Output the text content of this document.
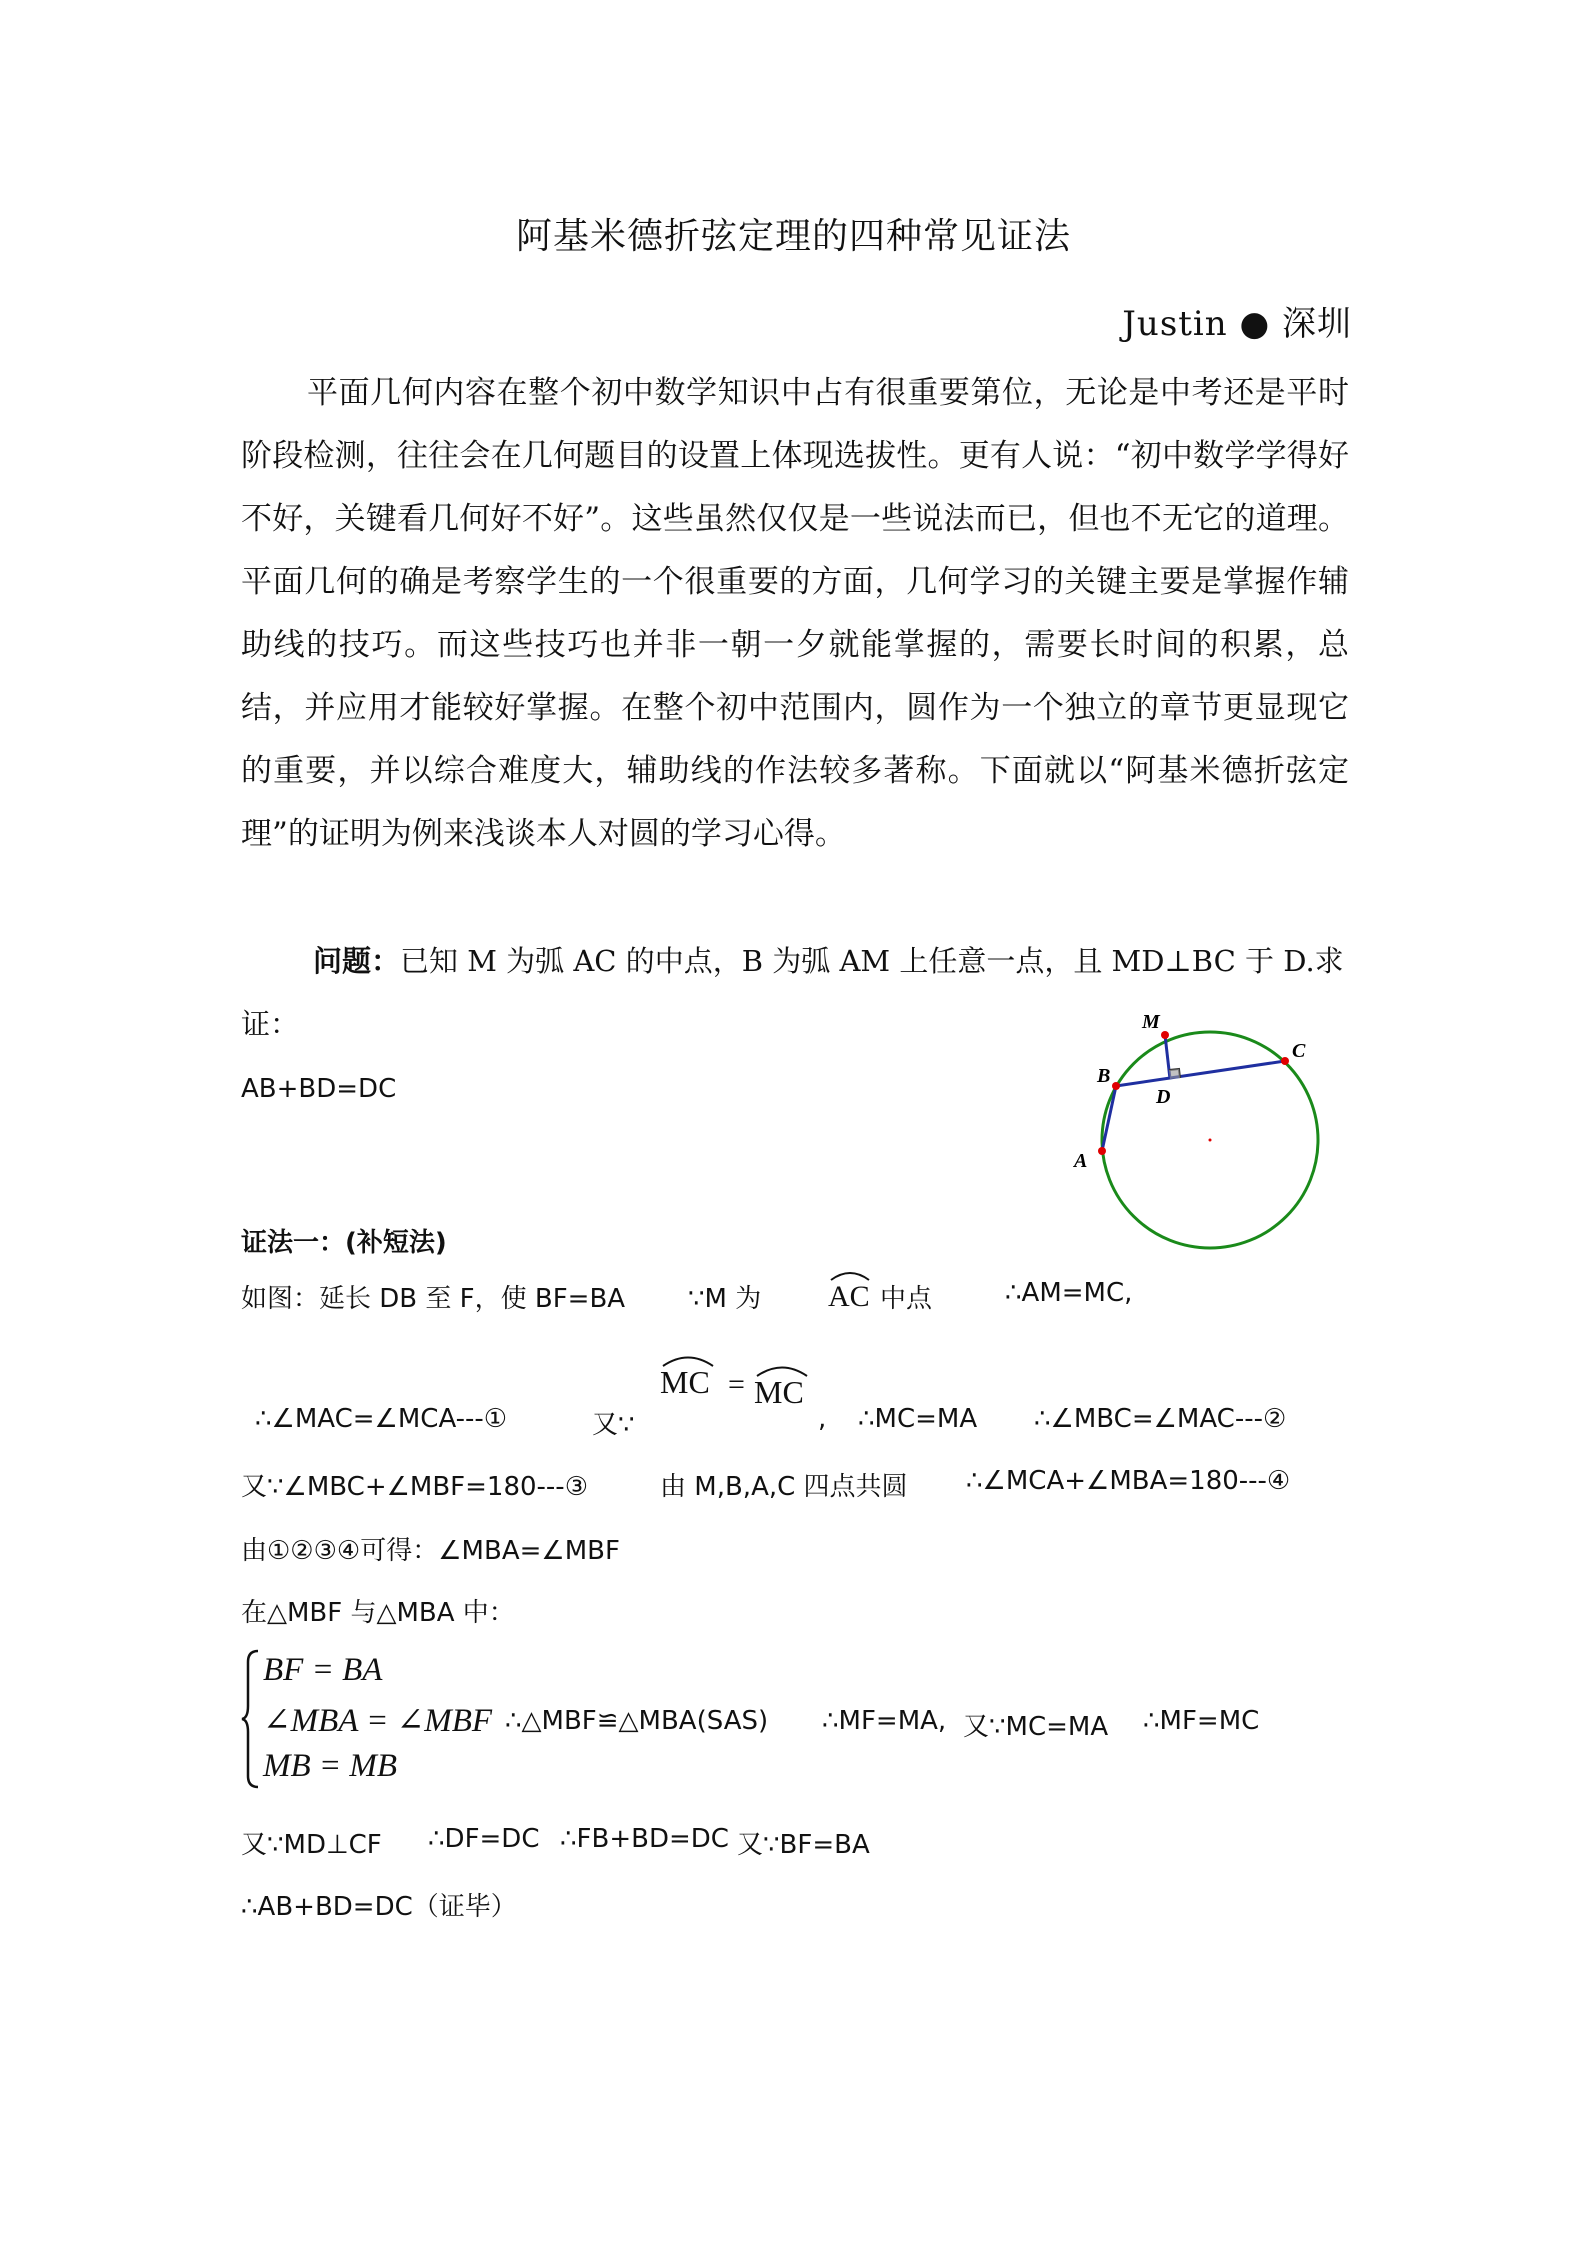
阿基米德折弦定理的四种常见证法
Justin ● 深圳

平面几何内容在整个初中数学知识中占有很重要第位，无论是中考还是平时阶段检测，往往会在几何题目的设置上体现选拔性。更有人说：“初中数学学得好不好，关键看几何好不好”。这些虽然仅仅是一些说法而已，但也不无它的道理。平面几何的确是考察学生的一个很重要的方面，几何学习的关键主要是掌握作辅助线的技巧。而这些技巧也并非一朝一夕就能掌握的，需要长时间的积累，总结，并应用才能较好掌握。在整个初中范围内，圆作为一个独立的章节更显现它的重要，并以综合难度大，辅助线的作法较多著称。下面就以“阿基米德折弦定理”的证明为例来浅谈本人对圆的学习心得。

问题：已知 M 为弧 AC 的中点，B 为弧 AM 上任意一点，且 MD⊥BC 于 D.求证：
AB+BD=DC

M
C
B
D
A
证法一：(补短法)
如图：延长 DB 至 F，使 BF=BA ∵M 为 AC 中点	∴AM=MC,
∴∠MAC=∠MCA---①	又∵
MC = MC
, ∴MC=MA ∴∠MBC=∠MAC---②
又∵∠MBC+∠MBF=180---③	由 M,B,A,C 四点共圆 ∴∠MCA+∠MBA=180---④
由①②③④可得：∠MBA=∠MBF
在△MBF 与△MBA 中：
BF = BA
∠MBA = ∠MBF
MB = MB
∴△MBF≌△MBA(SAS) ∴MF=MA, 又∵MC=MA ∴MF=MC
又∵MD⊥CF ∴DF=DC ∴FB+BD=DC 又∵BF=BA
∴AB+BD=DC（证毕）
